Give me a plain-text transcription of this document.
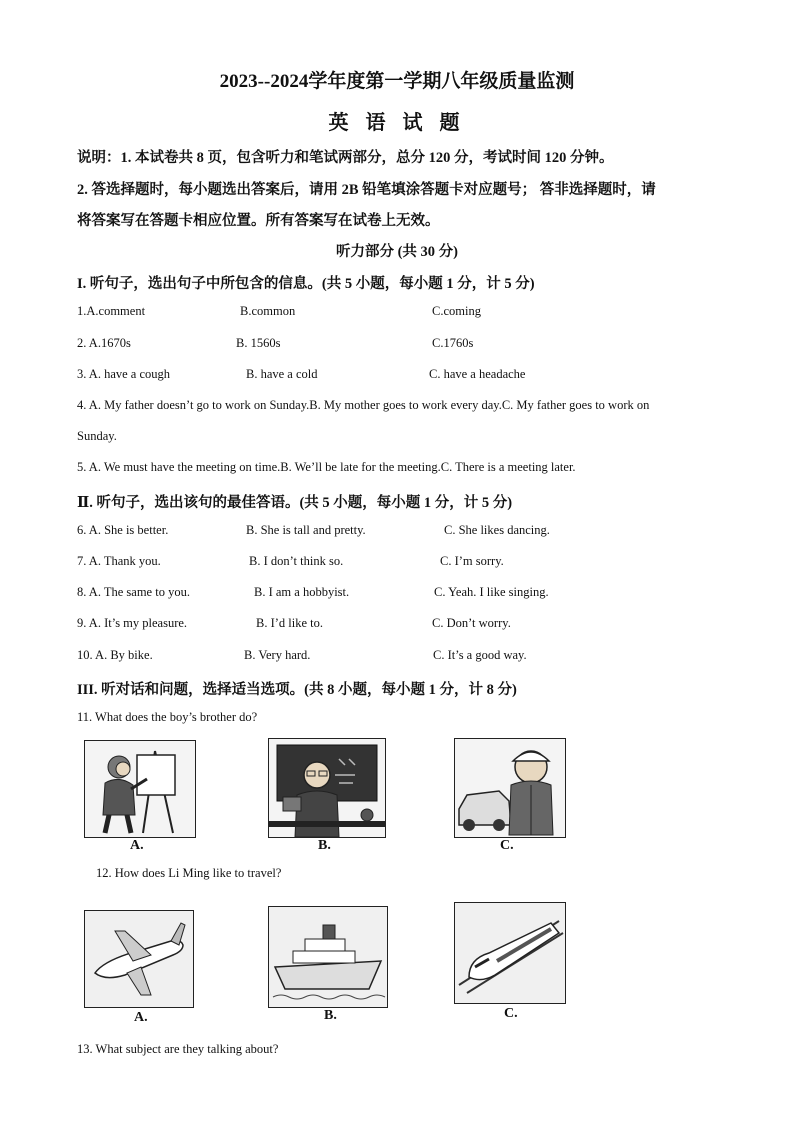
2023--2024学年度第一学期八年级质量监测
英 语 试 题
说明：1. 本试卷共 8 页，包含听力和笔试两部分，总分 120 分，考试时间 120 分钟。
2. 答选择题时，每小题选出答案后，请用 2B 铅笔填涂答题卡对应题号； 答非选择题时，请
将答案写在答题卡相应位置。所有答案写在试卷上无效。
听力部分 (共 30 分)
I. 听句子，选出句子中所包含的信息。(共 5 小题，每小题 1 分，计 5 分)
1.A.comment	B.common	C.coming
2. A.1670s	B. 1560s	C.1760s
3. A. have a cough	B. have a cold	C. have a headache
4. A. My father doesn’t go to work on Sunday.B. My mother goes to work every day.C. My father goes to work on
Sunday.
5. A. We must have the meeting on time.B. We’ll be late for the meeting.C. There is a meeting later.
Ⅱ. 听句子，选出该句的最佳答语。(共 5 小题，每小题 1 分，计 5 分)
6. A. She is better.	B. She is tall and pretty.	C. She likes dancing.
7. A. Thank you.	B. I don’t think so.	C. I’m sorry.
8. A. The same to you.	B. I am a hobbyist.	C. Yeah. I like singing.
9. A. It’s my pleasure.	B. I’d like to.	C. Don’t worry.
10. A. By bike.	B. Very hard.	C. It’s a good way.
III. 听对话和问题，选择适当选项。(共 8 小题，每小题 1 分，计 8 分)
11. What does the boy’s brother do?
A.	B.	C.
12. How does Li Ming like to travel?
A.	B.	C.
13. What subject are they talking about?
